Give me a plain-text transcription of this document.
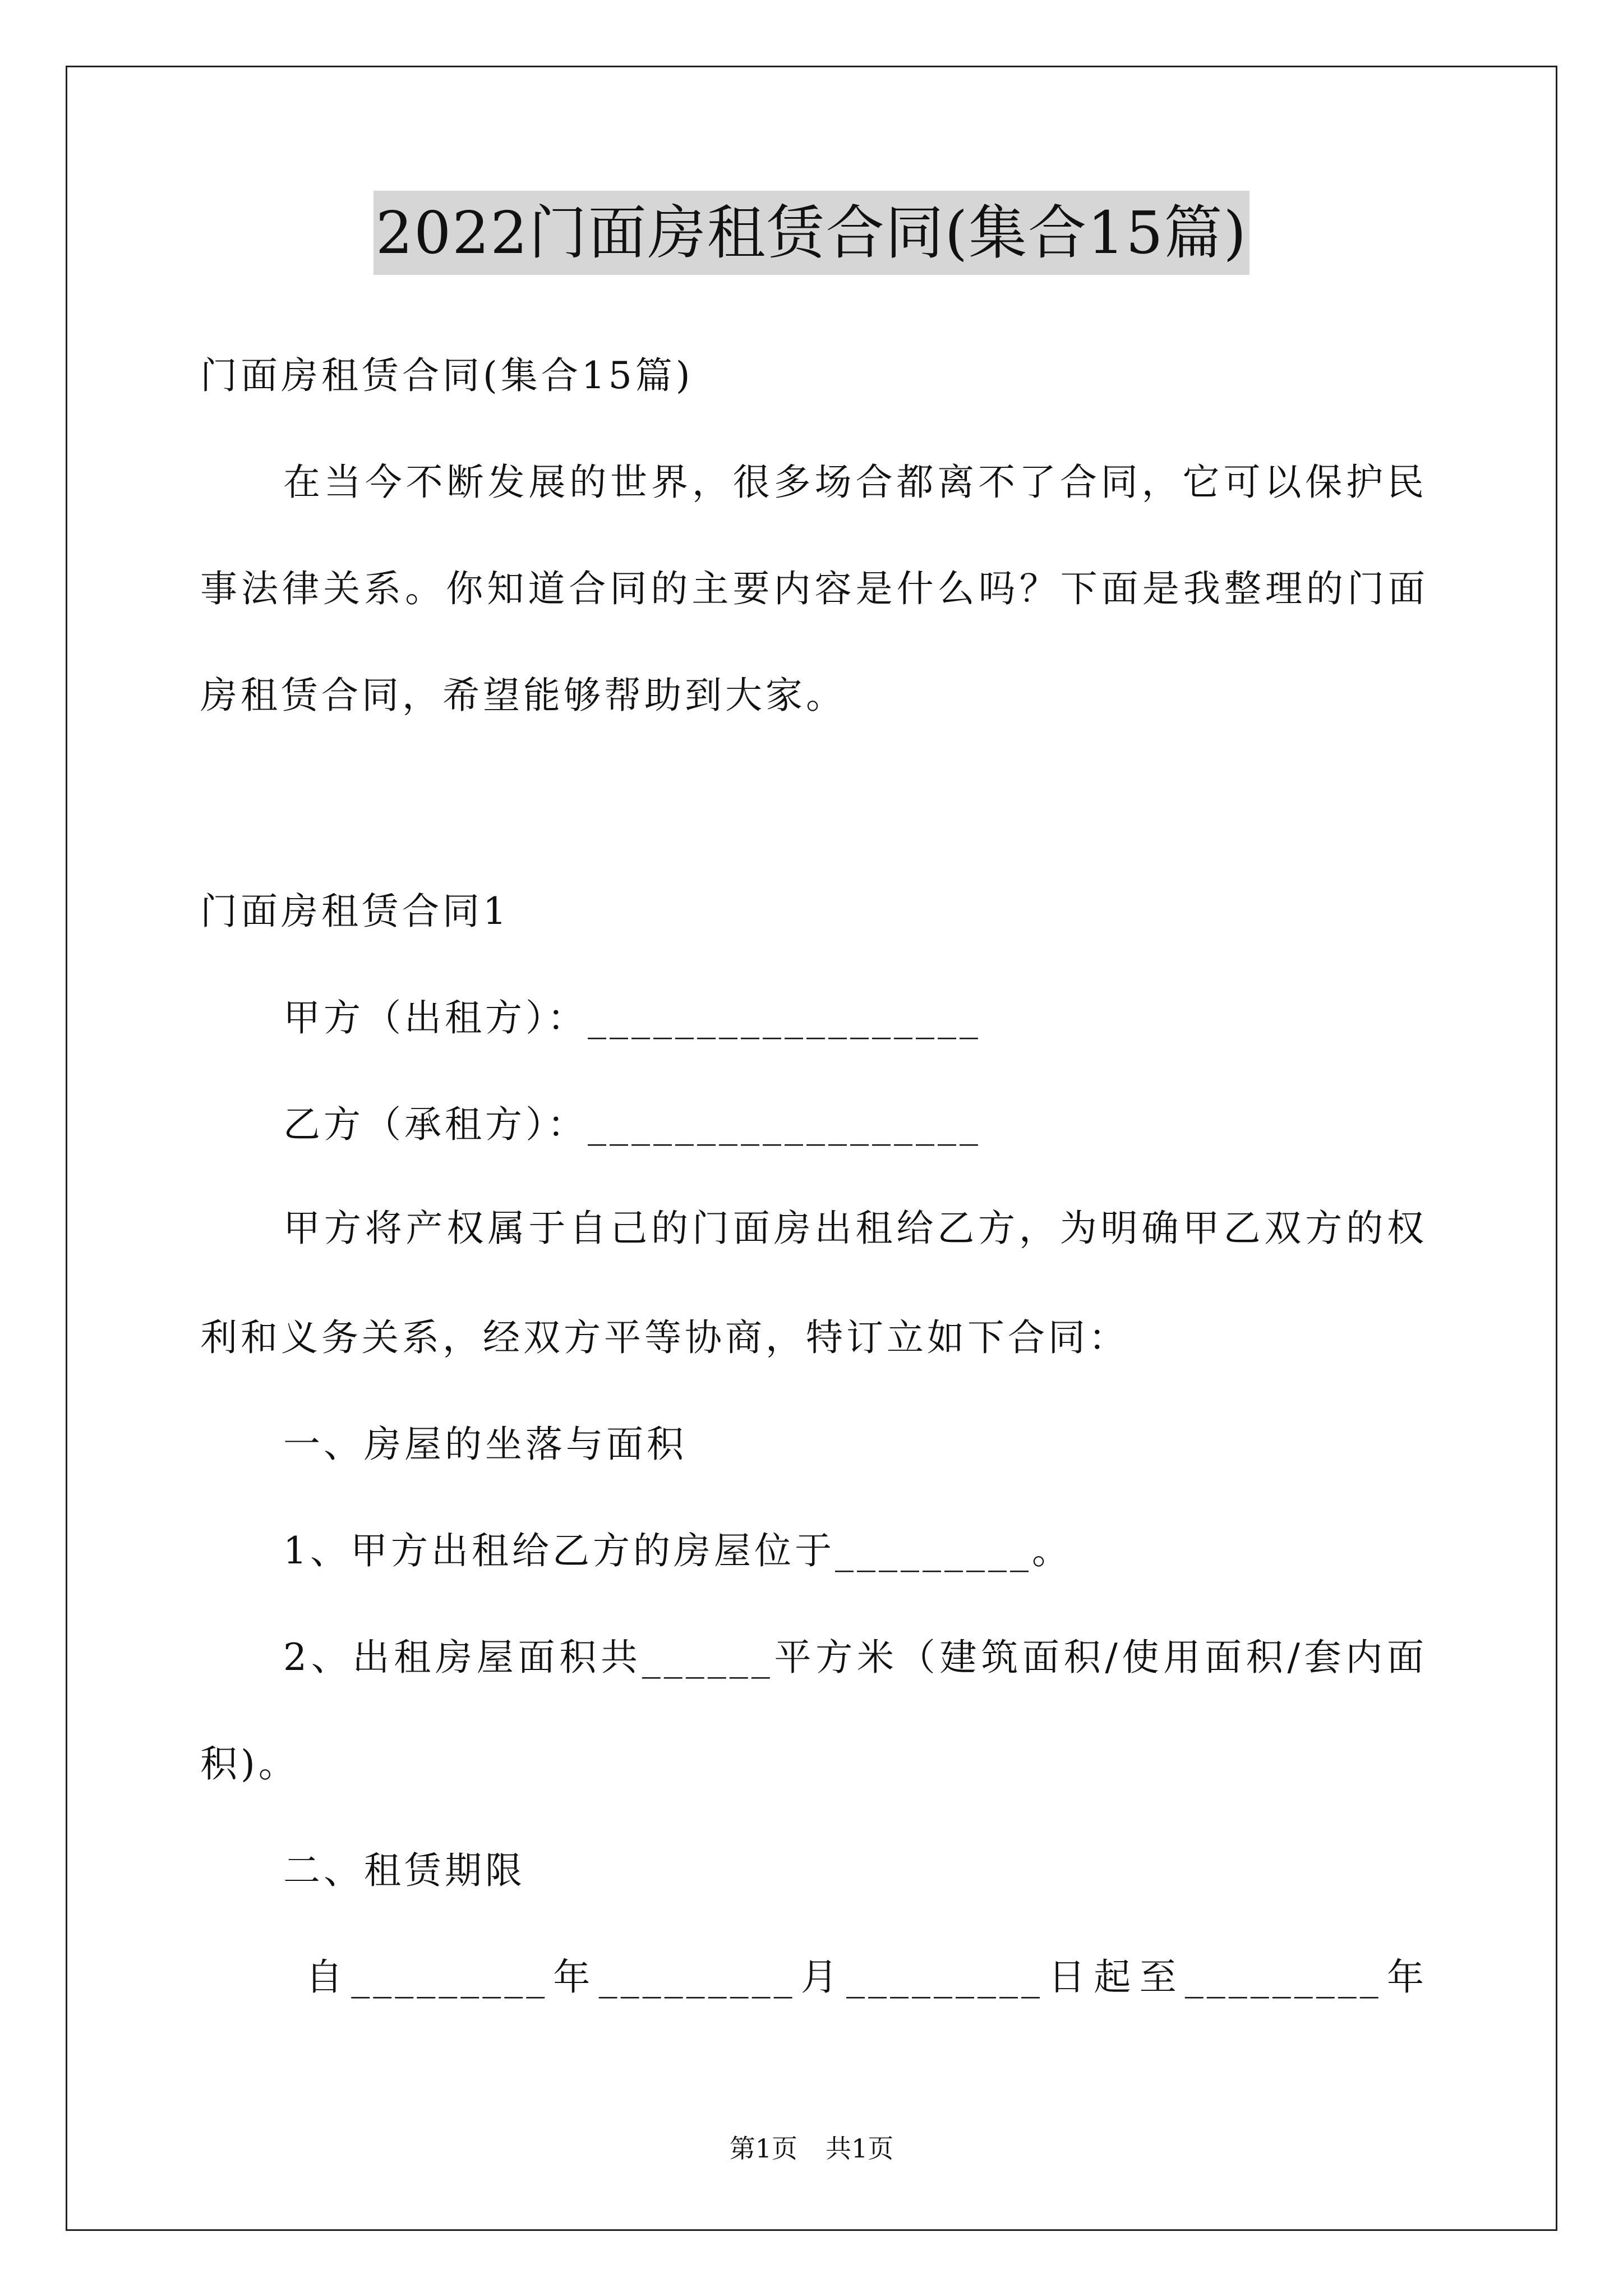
2022门面房租赁合同(集合15篇)
门面房租赁合同(集合15篇)
在当今不断发展的世界，很多场合都离不了合同，它可以保护民
事法律关系。你知道合同的主要内容是什么吗？下面是我整理的门面
房租赁合同，希望能够帮助到大家。
门面房租赁合同1
甲方（出租方）：__________________
乙方（承租方）：__________________
甲方将产权属于自己的门面房出租给乙方，为明确甲乙双方的权
利和义务关系，经双方平等协商，特订立如下合同：
一、房屋的坐落与面积
1、甲方出租给乙方的房屋位于_________。
2、出租房屋面积共______平方米（建筑面积/使用面积/套内面
积)。
二、租赁期限
自_________年_________月_________日起至_________年
第1页 共1页
